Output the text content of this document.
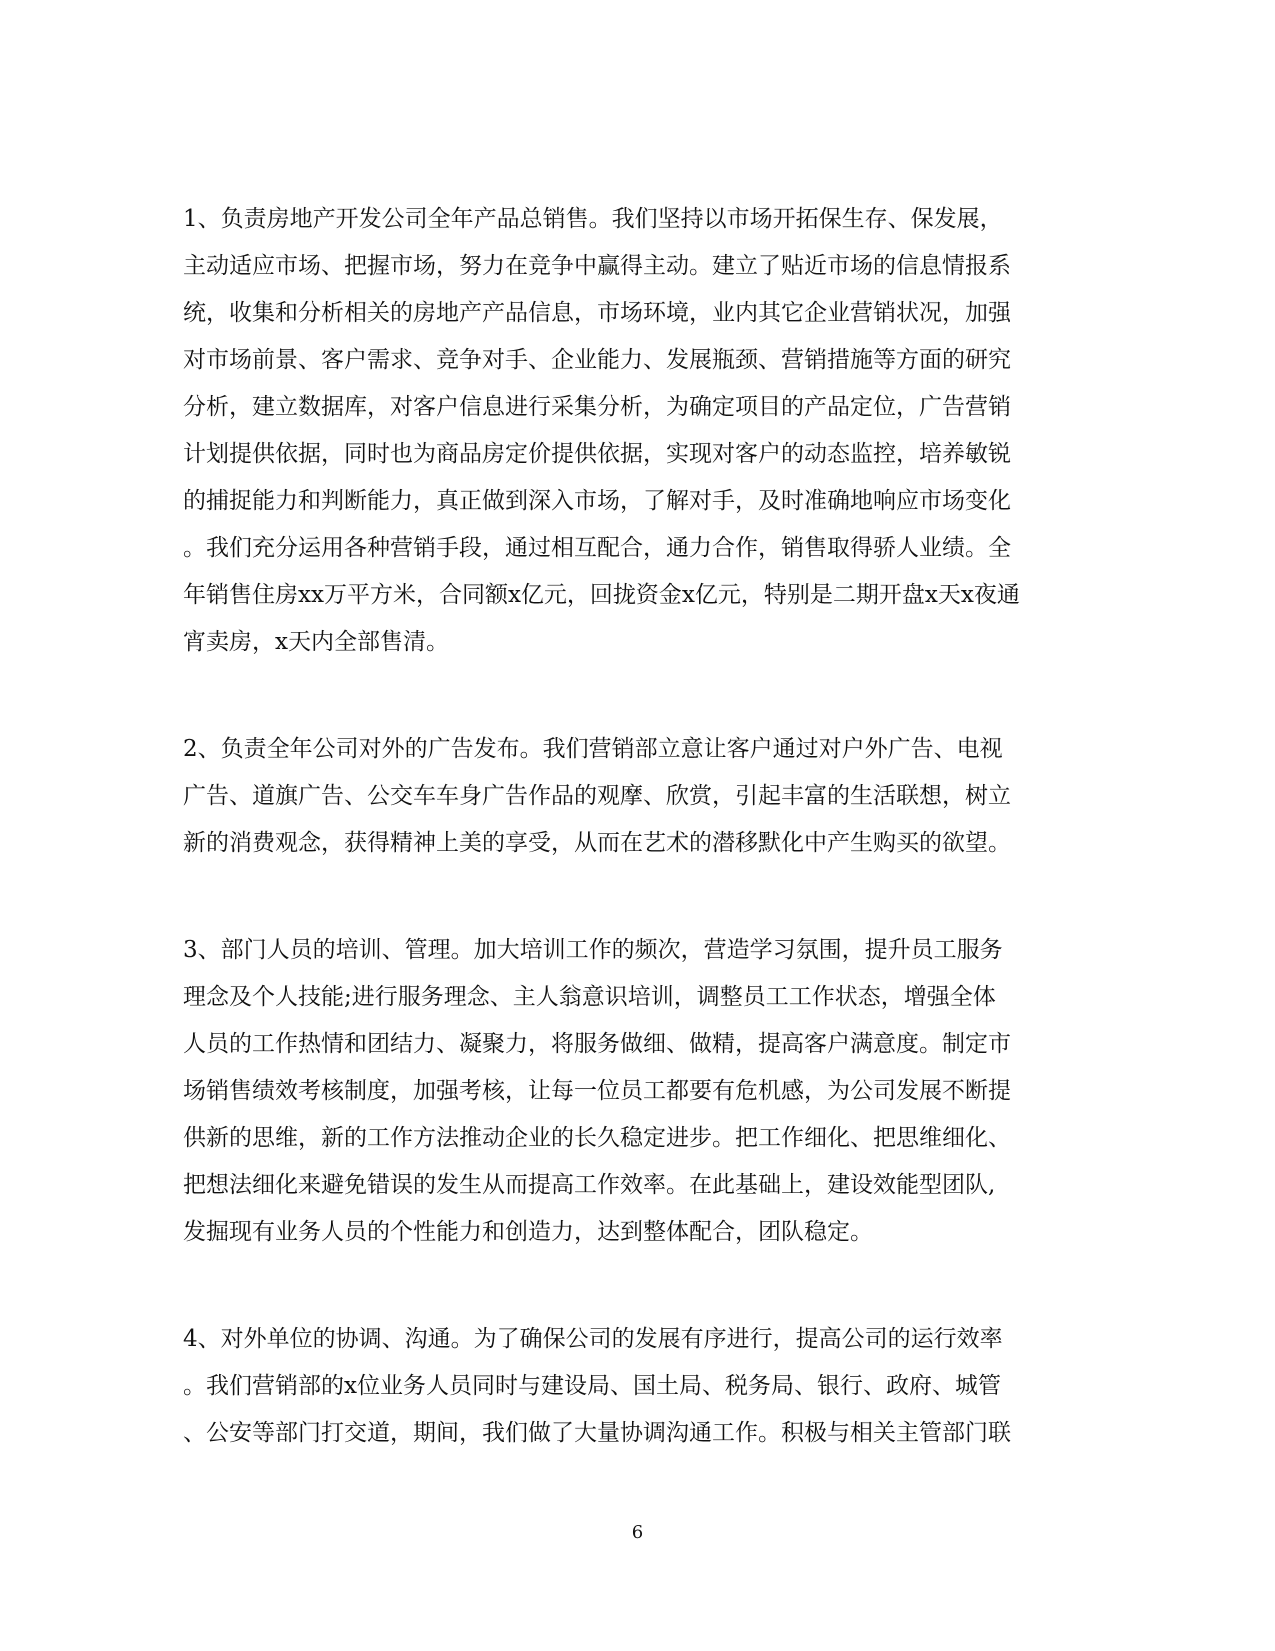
1、负责房地产开发公司全年产品总销售。我们坚持以市场开拓保生存、保发展，
主动适应市场、把握市场，努力在竞争中赢得主动。建立了贴近市场的信息情报系
统，收集和分析相关的房地产产品信息，市场环境，业内其它企业营销状况，加强
对市场前景、客户需求、竞争对手、企业能力、发展瓶颈、营销措施等方面的研究
分析，建立数据库，对客户信息进行采集分析，为确定项目的产品定位，广告营销
计划提供依据，同时也为商品房定价提供依据，实现对客户的动态监控，培养敏锐
的捕捉能力和判断能力，真正做到深入市场，了解对手，及时准确地响应市场变化
。我们充分运用各种营销手段，通过相互配合，通力合作，销售取得骄人业绩。全
年销售住房xx万平方米，合同额x亿元，回拢资金x亿元，特别是二期开盘x天x夜通
宵卖房，x天内全部售清。
2、负责全年公司对外的广告发布。我们营销部立意让客户通过对户外广告、电视
广告、道旗广告、公交车车身广告作品的观摩、欣赏，引起丰富的生活联想，树立
新的消费观念，获得精神上美的享受，从而在艺术的潜移默化中产生购买的欲望。
3、部门人员的培训、管理。加大培训工作的频次，营造学习氛围，提升员工服务
理念及个人技能;进行服务理念、主人翁意识培训，调整员工工作状态，增强全体
人员的工作热情和团结力、凝聚力，将服务做细、做精，提高客户满意度。制定市
场销售绩效考核制度，加强考核，让每一位员工都要有危机感，为公司发展不断提
供新的思维，新的工作方法推动企业的长久稳定进步。把工作细化、把思维细化、
把想法细化来避免错误的发生从而提高工作效率。在此基础上，建设效能型团队,
发掘现有业务人员的个性能力和创造力，达到整体配合，团队稳定。
4、对外单位的协调、沟通。为了确保公司的发展有序进行，提高公司的运行效率
。我们营销部的x位业务人员同时与建设局、国土局、税务局、银行、政府、城管
、公安等部门打交道，期间，我们做了大量协调沟通工作。积极与相关主管部门联
6
